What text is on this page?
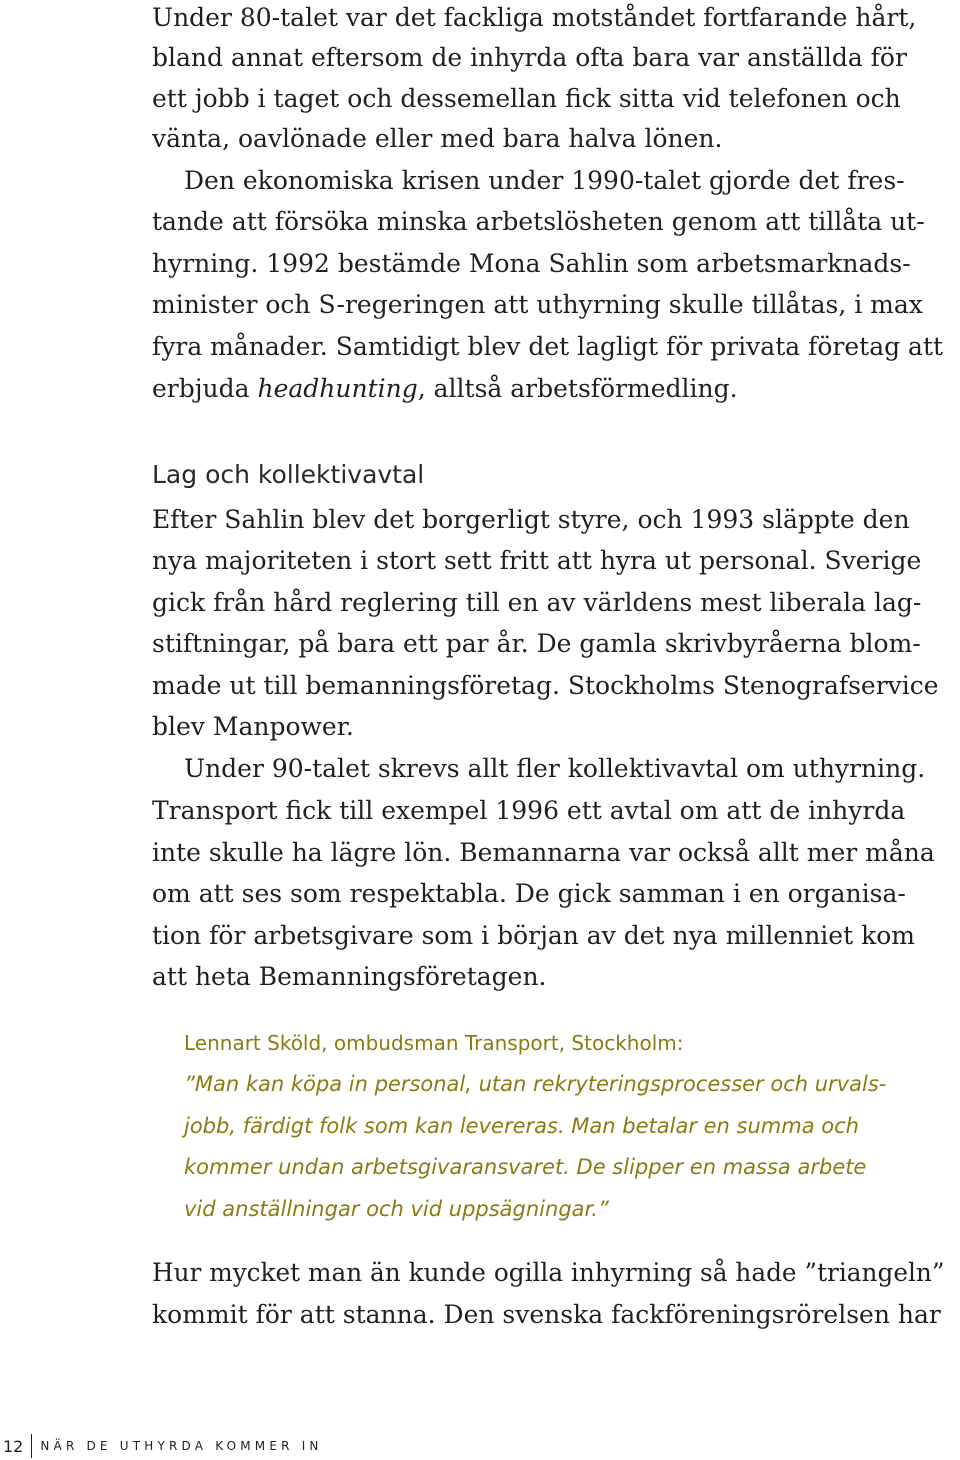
Under 80-talet var det fackliga motståndet fortfarande hårt,
bland annat eftersom de inhyrda ofta bara var anställda för
ett jobb i taget och dessemellan fick sitta vid telefonen och
vänta, oavlönade eller med bara halva lönen.
Den ekonomiska krisen under 1990-talet gjorde det fres-
tande att försöka minska arbetslösheten genom att tillåta ut-
hyrning. 1992 bestämde Mona Sahlin som arbetsmarknads-
minister och S-regeringen att uthyrning skulle tillåtas, i max
fyra månader. Samtidigt blev det lagligt för privata företag att
erbjuda headhunting, alltså arbetsförmedling.
Lag och kollektivavtal
Efter Sahlin blev det borgerligt styre, och 1993 släppte den
nya majoriteten i stort sett fritt att hyra ut personal. Sverige
gick från hård reglering till en av världens mest liberala lag-
stiftningar, på bara ett par år. De gamla skrivbyråerna blom-
made ut till bemanningsföretag. Stockholms Stenografservice
blev Manpower.
Under 90-talet skrevs allt fler kollektivavtal om uthyrning.
Transport fick till exempel 1996 ett avtal om att de inhyrda
inte skulle ha lägre lön. Bemannarna var också allt mer måna
om att ses som respektabla. De gick samman i en organisa-
tion för arbetsgivare som i början av det nya millenniet kom
att heta Bemanningsföretagen.
Lennart Sköld, ombudsman Transport, Stockholm:
”Man kan köpa in personal, utan rekryteringsprocesser och urvals-
jobb, färdigt folk som kan levereras. Man betalar en summa och
kommer undan arbetsgivaransvaret. De slipper en massa arbete
vid anställningar och vid uppsägningar.”
Hur mycket man än kunde ogilla inhyrning så hade ”triangeln”
kommit för att stanna. Den svenska fackföreningsrörelsen har
12	NÄR DE UTHYRDA KOMMER IN
